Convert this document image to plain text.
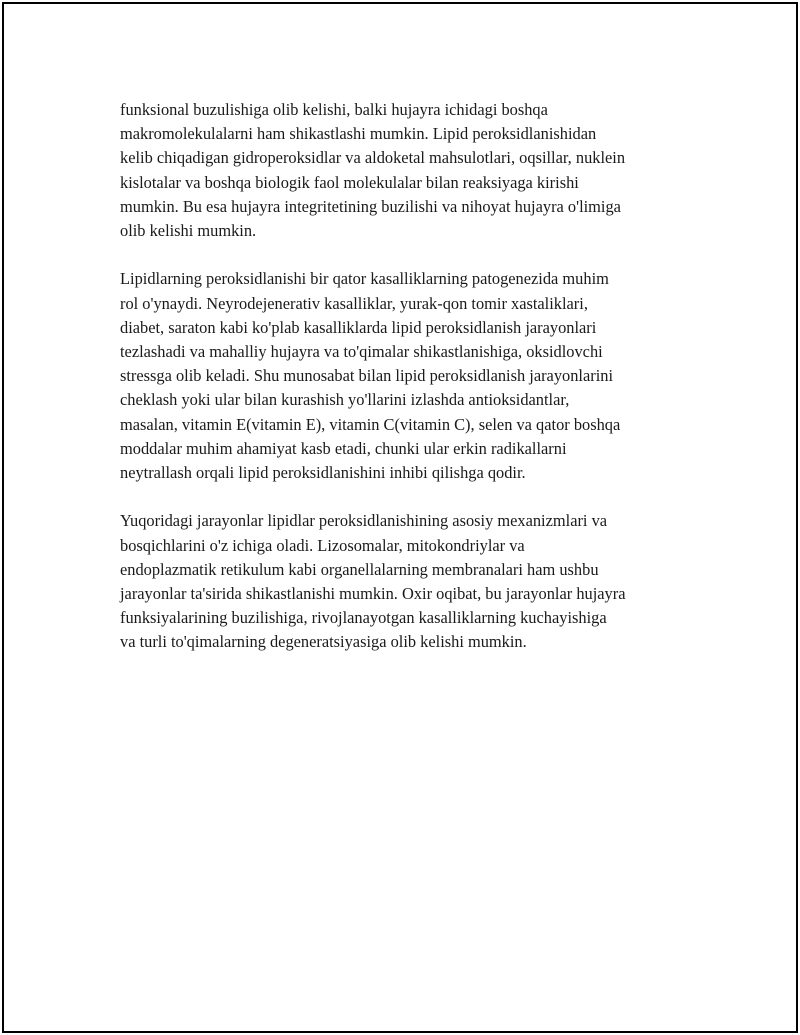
funksional buzulishiga olib kelishi, balki hujayra ichidagi boshqa
makromolekulalarni ham shikastlashi mumkin. Lipid peroksidlanishidan
kelib chiqadigan gidroperoksidlar va aldoketal mahsulotlari, oqsillar, nuklein
kislotalar va boshqa biologik faol molekulalar bilan reaksiyaga kirishi
mumkin. Bu esa hujayra integritetining buzilishi va nihoyat hujayra o'limiga
olib kelishi mumkin.

Lipidlarning peroksidlanishi bir qator kasalliklarning patogenezida muhim
rol o'ynaydi. Neyrodejenerativ kasalliklar, yurak-qon tomir xastaliklari,
diabet, saraton kabi ko'plab kasalliklarda lipid peroksidlanish jarayonlari
tezlashadi va mahalliy hujayra va to'qimalar shikastlanishiga, oksidlovchi
stressga olib keladi. Shu munosabat bilan lipid peroksidlanish jarayonlarini
cheklash yoki ular bilan kurashish yo'llarini izlashda antioksidantlar,
masalan, vitamin E(vitamin E), vitamin C(vitamin C), selen va qator boshqa
moddalar muhim ahamiyat kasb etadi, chunki ular erkin radikallarni
neytrallash orqali lipid peroksidlanishini inhibi qilishga qodir.

Yuqoridagi jarayonlar lipidlar peroksidlanishining asosiy mexanizmlari va
bosqichlarini o'z ichiga oladi. Lizosomalar, mitokondriylar va
endoplazmatik retikulum kabi organellalarning membranalari ham ushbu
jarayonlar ta'sirida shikastlanishi mumkin. Oxir oqibat, bu jarayonlar hujayra
funksiyalarining buzilishiga, rivojlanayotgan kasalliklarning kuchayishiga
va turli to'qimalarning degeneratsiyasiga olib kelishi mumkin.
